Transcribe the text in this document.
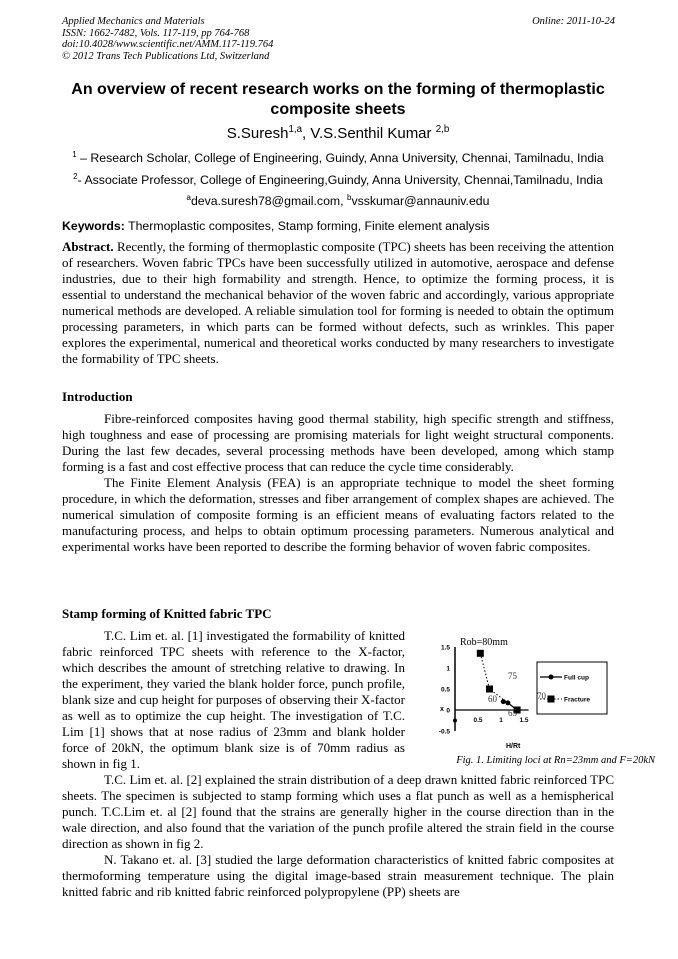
Applied Mechanics and Materials
ISSN: 1662-7482, Vols. 117-119, pp 764-768
doi:10.4028/www.scientific.net/AMM.117-119.764
© 2012 Trans Tech Publications Ltd, Switzerland
Online: 2011-10-24
An overview of recent research works on the forming of thermoplastic composite sheets
S.Suresh$^{1,a}$, V.S.Senthil Kumar $^{2,b}$
$^1$ – Research Scholar, College of Engineering, Guindy, Anna University, Chennai, Tamilnadu, India
$^2$- Associate Professor, College of Engineering,Guindy, Anna University, Chennai,Tamilnadu, India
$^a$deva.suresh78@gmail.com, $^b$vsskumar@annauniv.edu
Keywords: Thermoplastic composites, Stamp forming, Finite element analysis

Abstract. Recently, the forming of thermoplastic composite (TPC) sheets has been receiving the attention of researchers. Woven fabric TPCs have been successfully utilized in automotive, aerospace and defense industries, due to their high formability and strength. Hence, to optimize the forming process, it is essential to understand the mechanical behavior of the woven fabric and accordingly, various appropriate numerical methods are developed. A reliable simulation tool for forming is needed to obtain the optimum processing parameters, in which parts can be formed without defects, such as wrinkles. This paper explores the experimental, numerical and theoretical works conducted by many researchers to investigate the formability of TPC sheets.

Introduction

Fibre-reinforced composites having good thermal stability, high specific strength and stiffness, high toughness and ease of processing are promising materials for light weight structural components. During the last few decades, several processing methods have been developed, among which stamp forming is a fast and cost effective process that can reduce the cycle time considerably.

The Finite Element Analysis (FEA) is an appropriate technique to model the sheet forming procedure, in which the deformation, stresses and fiber arrangement of complex shapes are achieved. The numerical simulation of composite forming is an efficient means of evaluating factors related to the manufacturing process, and helps to obtain optimum processing parameters. Numerous analytical and experimental works have been reported to describe the forming behavior of woven fabric composites.

Stamp forming of Knitted fabric TPC

T.C. Lim et. al. [1] investigated the formability of knitted fabric reinforced TPC sheets with reference to the X-factor, which describes the amount of stretching relative to drawing. In the experiment, they varied the blank holder force, punch profile, blank size and cup height for purposes of observing their X-factor as well as to optimize the cup height. The investigation of T.C. Lim [1] shows that at nose radius of 23mm and blank holder force of 20kN, the optimum blank size is of 70mm radius as shown in fig 1.

T.C. Lim et. al. [2] explained the strain distribution of a deep drawn knitted fabric reinforced TPC sheets. The specimen is subjected to stamp forming which uses a flat punch as well as a hemispherical punch. T.C.Lim et. al [2] found that the strains are generally higher in the course direction than in the wale direction, and also found that the variation of the punch profile altered the strain field in the course direction as shown in fig 2.

N. Takano et. al. [3] studied the large deformation characteristics of knitted fabric composites at thermoforming temperature using the digital image-based strain measurement technique. The plain knitted fabric and rib knitted fabric reinforced polypropylene (PP) sheets are

Rob=80mm
x
H/Rt
1.5
1
0.5
0
-0.5
0.5	1	1.5
75
60
65
70
Full cup
Fracture
Fig. 1. Limiting loci at Rn=23mm and F=20kN
